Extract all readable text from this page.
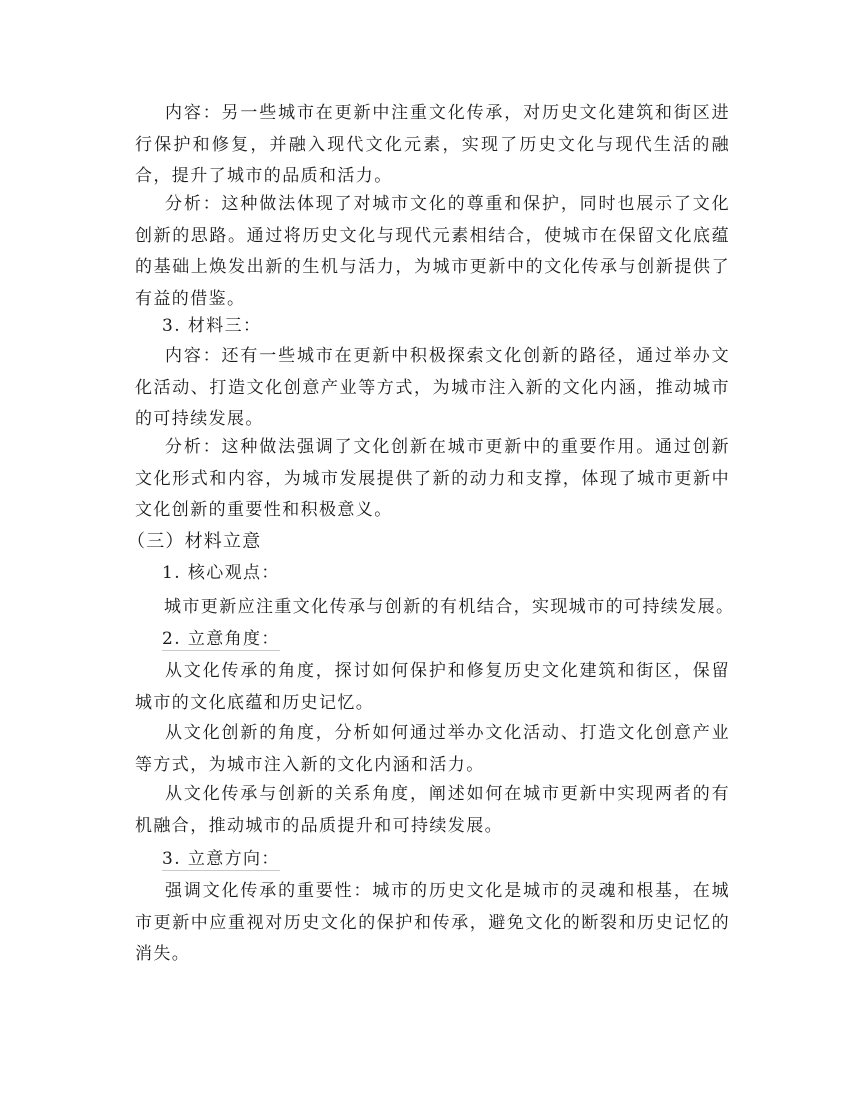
内容：另一些城市在更新中注重文化传承，对历史文化建筑和街区进行保护和修复，并融入现代文化元素，实现了历史文化与现代生活的融合，提升了城市的品质和活力。

分析：这种做法体现了对城市文化的尊重和保护，同时也展示了文化创新的思路。通过将历史文化与现代元素相结合，使城市在保留文化底蕴的基础上焕发出新的生机与活力，为城市更新中的文化传承与创新提供了有益的借鉴。

3. 材料三：

内容：还有一些城市在更新中积极探索文化创新的路径，通过举办文化活动、打造文化创意产业等方式，为城市注入新的文化内涵，推动城市的可持续发展。

分析：这种做法强调了文化创新在城市更新中的重要作用。通过创新文化形式和内容，为城市发展提供了新的动力和支撑，体现了城市更新中文化创新的重要性和积极意义。

（三）材料立意
1. 核心观点：
城市更新应注重文化传承与创新的有机结合，实现城市的可持续发展。
2. 立意角度：

从文化传承的角度，探讨如何保护和修复历史文化建筑和街区，保留城市的文化底蕴和历史记忆。

从文化创新的角度，分析如何通过举办文化活动、打造文化创意产业等方式，为城市注入新的文化内涵和活力。

从文化传承与创新的关系角度，阐述如何在城市更新中实现两者的有机融合，推动城市的品质提升和可持续发展。

3. 立意方向：

强调文化传承的重要性：城市的历史文化是城市的灵魂和根基，在城市更新中应重视对历史文化的保护和传承，避免文化的断裂和历史记忆的消失。
